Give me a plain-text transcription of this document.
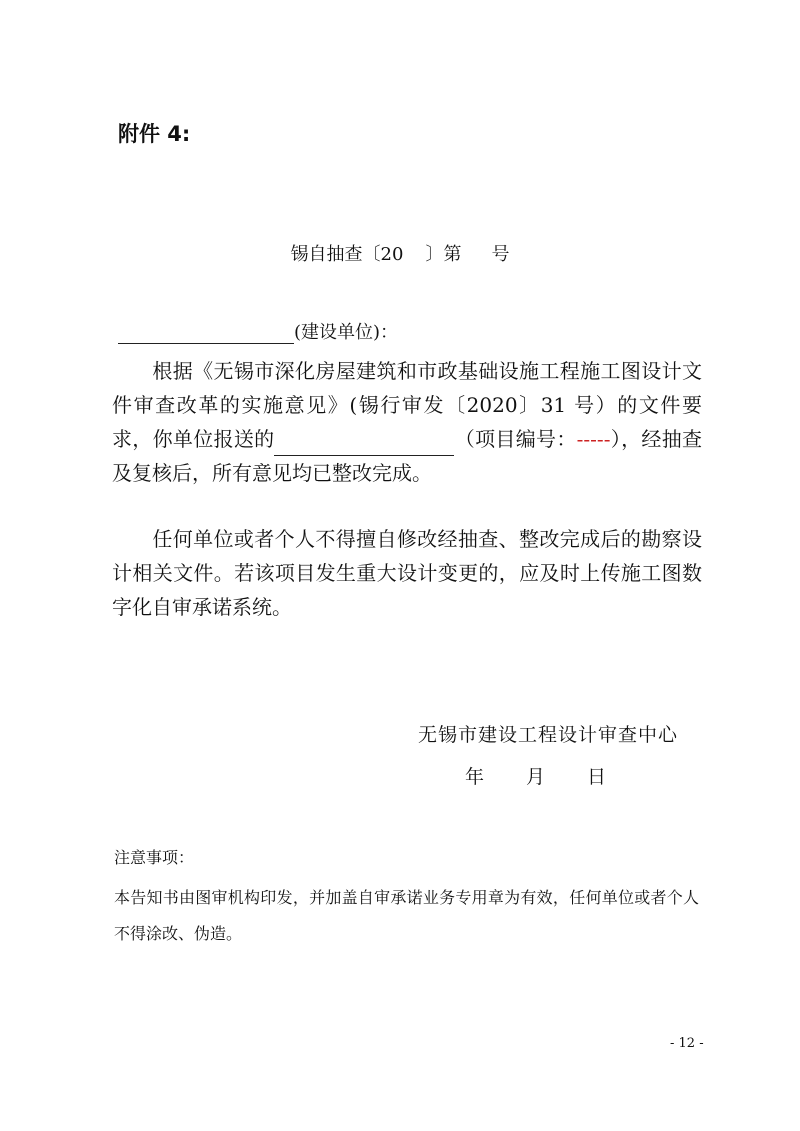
附件 4:
锡自抽查〔20 〕第 号
(建设单位)：
根据《无锡市深化房屋建筑和市政基础设施工程施工图设计文件审查改革的实施意见》(锡行审发〔2020〕31 号）的文件要求，你单位报送的	（项目编号：-----），经抽查及复核后，所有意见均已整改完成。
任何单位或者个人不得擅自修改经抽查、整改完成后的勘察设计相关文件。若该项目发生重大设计变更的，应及时上传施工图数字化自审承诺系统。
无锡市建设工程设计审查中心
年 月 日
注意事项：
本告知书由图审机构印发，并加盖自审承诺业务专用章为有效，任何单位或者个人不得涂改、伪造。
- 12 -
